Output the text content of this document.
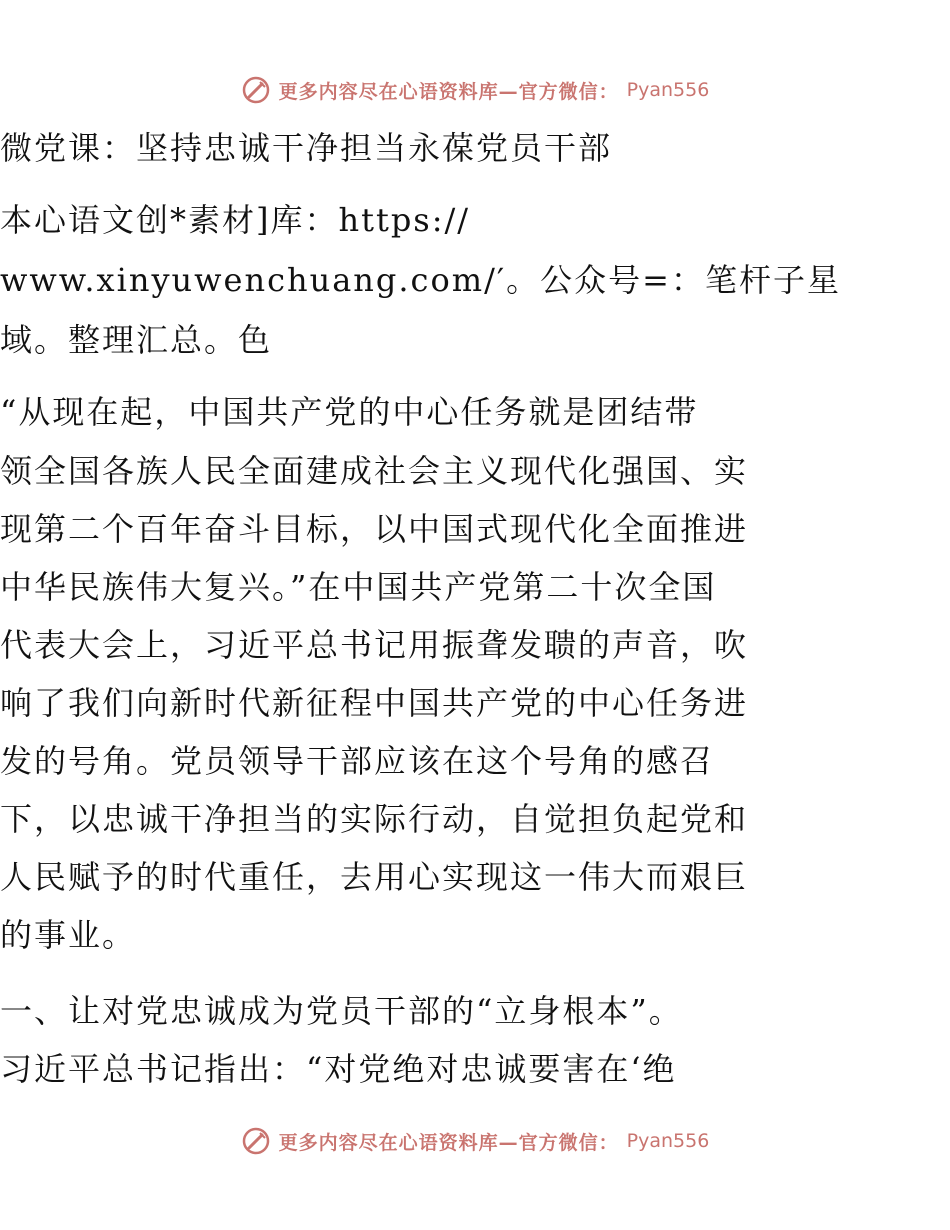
更多内容尽在心语资料库—官方微信： Pyan556
微党课：坚持忠诚干净担当永葆党员干部
本心语文创*素材]库：https://
www.xinyuwenchuang.com/′。公众号=：笔杆子星
域。整理汇总。色
“从现在起，中国共产党的中心任务就是团结带
领全国各族人民全面建成社会主义现代化强国、实
现第二个百年奋斗目标，以中国式现代化全面推进
中华民族伟大复兴。”在中国共产党第二十次全国
代表大会上，习近平总书记用振聋发聩的声音，吹
响了我们向新时代新征程中国共产党的中心任务进
发的号角。党员领导干部应该在这个号角的感召
下，以忠诚干净担当的实际行动，自觉担负起党和
人民赋予的时代重任，去用心实现这一伟大而艰巨
的事业。
一、让对党忠诚成为党员干部的“立身根本”。
习近平总书记指出：“对党绝对忠诚要害在‘绝
更多内容尽在心语资料库—官方微信： Pyan556
